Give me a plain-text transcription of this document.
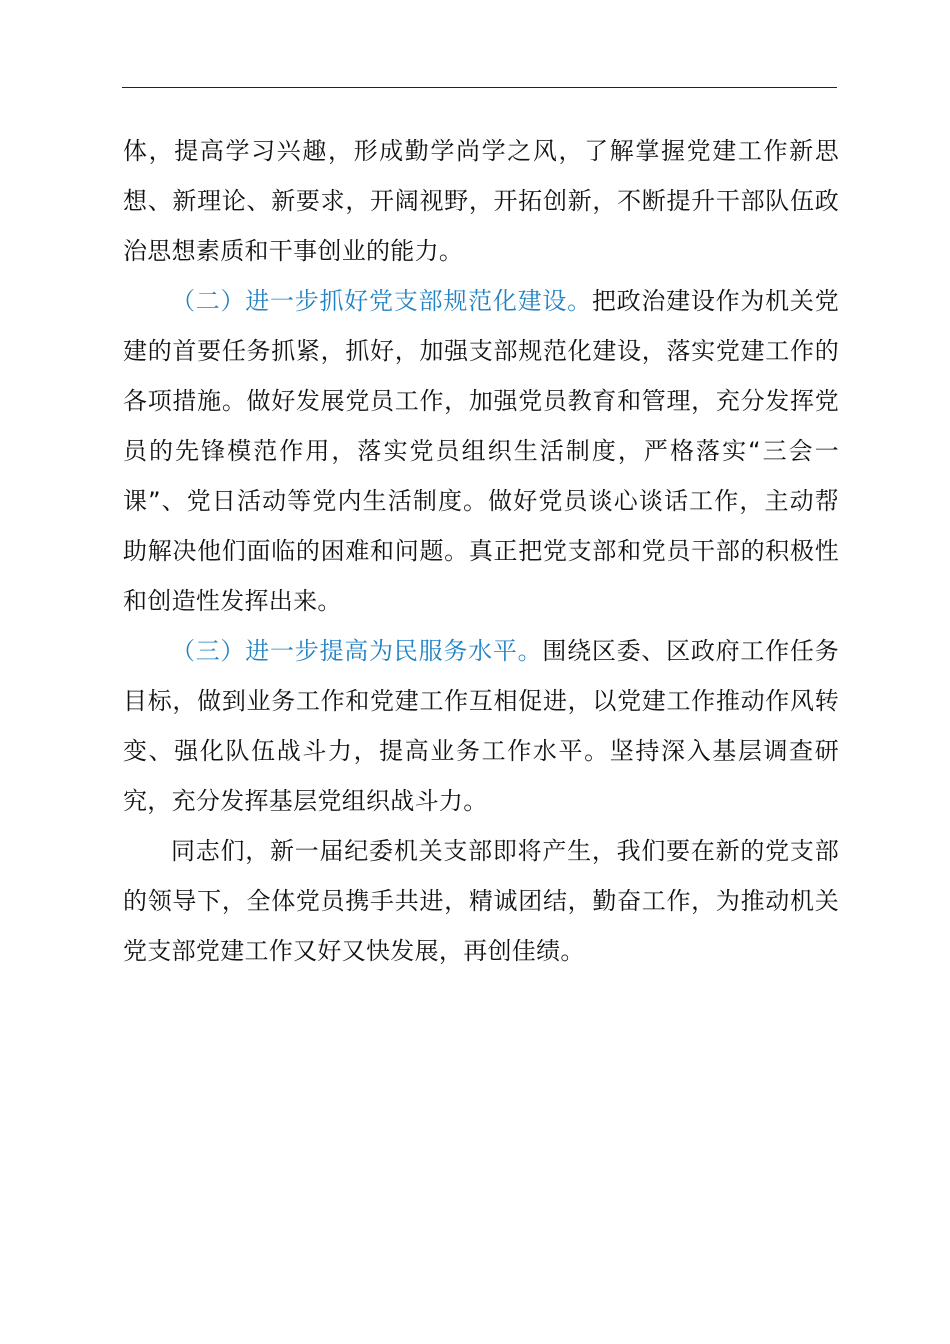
体，提高学习兴趣，形成勤学尚学之风，了解掌握党建工作新思想、新理论、新要求，开阔视野，开拓创新，不断提升干部队伍政治思想素质和干事创业的能力。

（二）进一步抓好党支部规范化建设。把政治建设作为机关党建的首要任务抓紧，抓好，加强支部规范化建设，落实党建工作的各项措施。做好发展党员工作，加强党员教育和管理，充分发挥党员的先锋模范作用，落实党员组织生活制度，严格落实“三会一课”、党日活动等党内生活制度。做好党员谈心谈话工作，主动帮助解决他们面临的困难和问题。真正把党支部和党员干部的积极性和创造性发挥出来。

（三）进一步提高为民服务水平。围绕区委、区政府工作任务目标，做到业务工作和党建工作互相促进，以党建工作推动作风转变、强化队伍战斗力，提高业务工作水平。坚持深入基层调查研究，充分发挥基层党组织战斗力。

同志们，新一届纪委机关支部即将产生，我们要在新的党支部的领导下，全体党员携手共进，精诚团结，勤奋工作，为推动机关党支部党建工作又好又快发展，再创佳绩。
